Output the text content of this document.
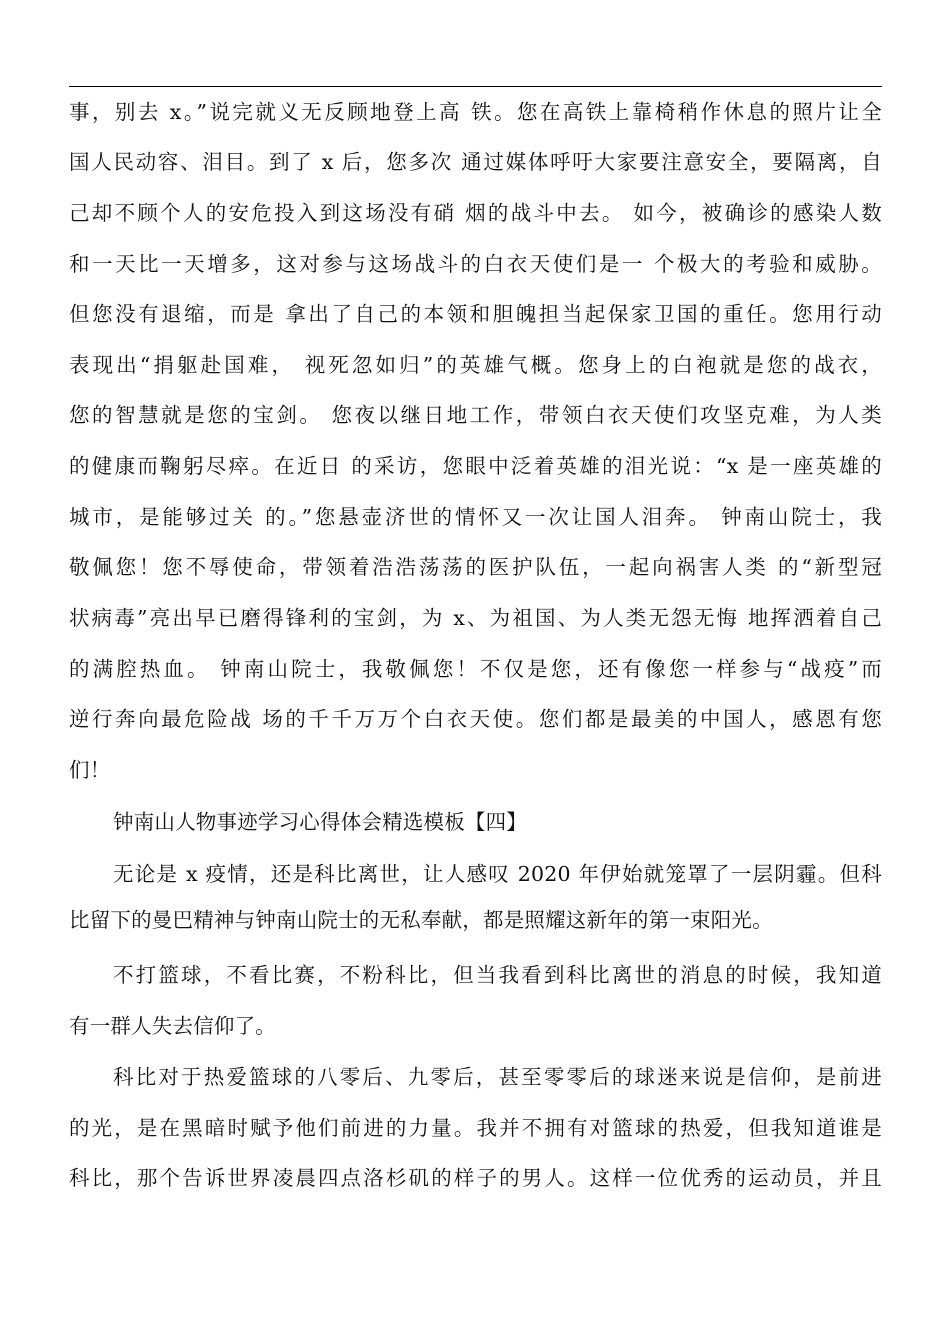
事，别去 x。”说完就义无反顾地登上高 铁。您在高铁上靠椅稍作休息的照片让全
国人民动容、泪目。到了 x 后，您多次 通过媒体呼吁大家要注意安全，要隔离，自
己却不顾个人的安危投入到这场没有硝 烟的战斗中去。 如今，被确诊的感染人数
和一天比一天增多，这对参与这场战斗的白衣天使们是一 个极大的考验和威胁。
但您没有退缩，而是 拿出了自己的本领和胆魄担当起保家卫国的重任。您用行动
表现出“捐躯赴国难， 视死忽如归”的英雄气概。您身上的白袍就是您的战衣，
您的智慧就是您的宝剑。 您夜以继日地工作，带领白衣天使们攻坚克难，为人类
的健康而鞠躬尽瘁。在近日 的采访，您眼中泛着英雄的泪光说：“x 是一座英雄的
城市，是能够过关 的。”您悬壶济世的情怀又一次让国人泪奔。 钟南山院士，我
敬佩您！您不辱使命，带领着浩浩荡荡的医护队伍，一起向祸害人类 的“新型冠
状病毒”亮出早已磨得锋利的宝剑，为 x、为祖国、为人类无怨无悔 地挥洒着自己
的满腔热血。 钟南山院士，我敬佩您！不仅是您，还有像您一样参与“战疫”而
逆行奔向最危险战 场的千千万万个白衣天使。您们都是最美的中国人，感恩有您
们！
钟南山人物事迹学习心得体会精选模板【四】
无论是 x 疫情，还是科比离世，让人感叹 2020 年伊始就笼罩了一层阴霾。但科
比留下的曼巴精神与钟南山院士的无私奉献，都是照耀这新年的第一束阳光。
不打篮球，不看比赛，不粉科比，但当我看到科比离世的消息的时候，我知道
有一群人失去信仰了。
科比对于热爱篮球的八零后、九零后，甚至零零后的球迷来说是信仰，是前进
的光，是在黑暗时赋予他们前进的力量。我并不拥有对篮球的热爱，但我知道谁是
科比，那个告诉世界凌晨四点洛杉矶的样子的男人。这样一位优秀的运动员，并且
